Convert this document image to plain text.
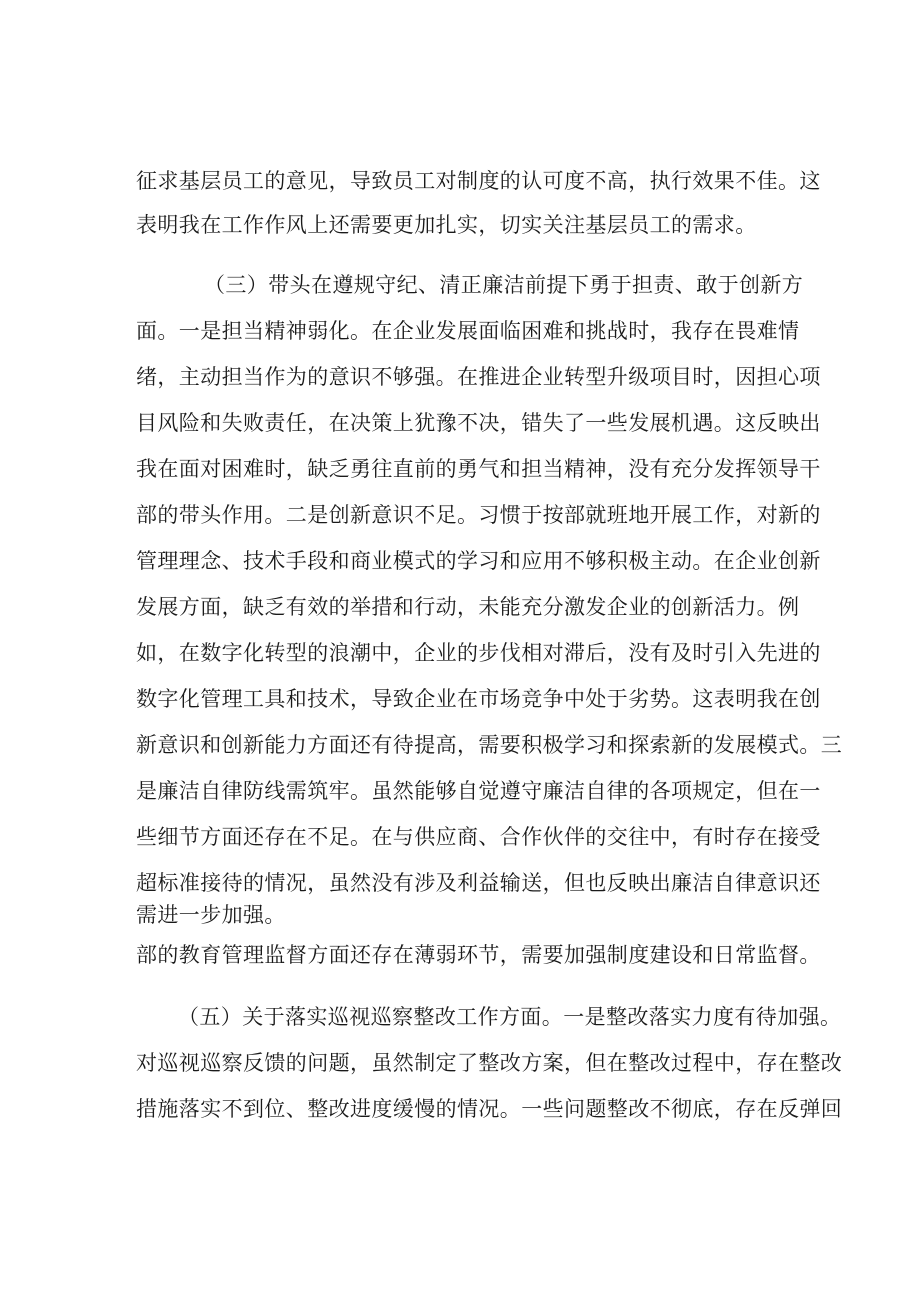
征求基层员工的意见，导致员工对制度的认可度不高，执行效果不佳。这
表明我在工作作风上还需要更加扎实，切实关注基层员工的需求。
（三）带头在遵规守纪、清正廉洁前提下勇于担责、敢于创新方
面。一是担当精神弱化。在企业发展面临困难和挑战时，我存在畏难情
绪，主动担当作为的意识不够强。在推进企业转型升级项目时，因担心项
目风险和失败责任，在决策上犹豫不决，错失了一些发展机遇。这反映出
我在面对困难时，缺乏勇往直前的勇气和担当精神，没有充分发挥领导干
部的带头作用。二是创新意识不足。习惯于按部就班地开展工作，对新的
管理理念、技术手段和商业模式的学习和应用不够积极主动。在企业创新
发展方面，缺乏有效的举措和行动，未能充分激发企业的创新活力。例
如，在数字化转型的浪潮中，企业的步伐相对滞后，没有及时引入先进的
数字化管理工具和技术，导致企业在市场竞争中处于劣势。这表明我在创
新意识和创新能力方面还有待提高，需要积极学习和探索新的发展模式。三
是廉洁自律防线需筑牢。虽然能够自觉遵守廉洁自律的各项规定，但在一
些细节方面还存在不足。在与供应商、合作伙伴的交往中，有时存在接受
超标准接待的情况，虽然没有涉及利益输送，但也反映出廉洁自律意识还
需进一步加强。
部的教育管理监督方面还存在薄弱环节，需要加强制度建设和日常监督。
（五）关于落实巡视巡察整改工作方面。一是整改落实力度有待加强。
对巡视巡察反馈的问题，虽然制定了整改方案，但在整改过程中，存在整改
措施落实不到位、整改进度缓慢的情况。一些问题整改不彻底，存在反弹回
